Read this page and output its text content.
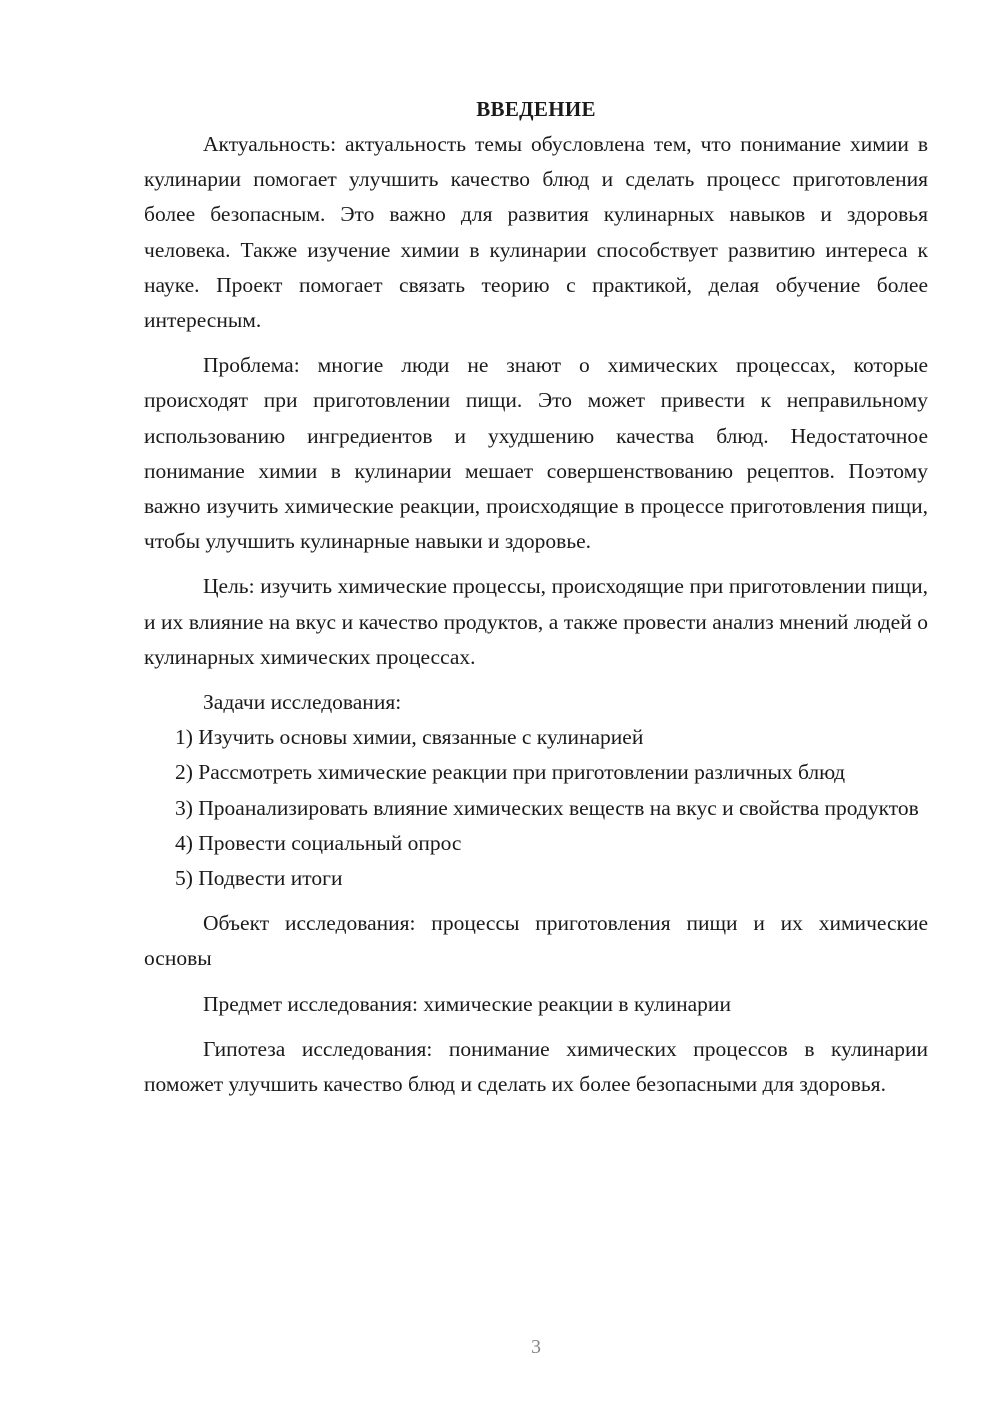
ВВЕДЕНИЕ

Актуальность: актуальность темы обусловлена тем, что понимание химии в кулинарии помогает улучшить качество блюд и сделать процесс приготовления более безопасным. Это важно для развития кулинарных навыков и здоровья человека. Также изучение химии в кулинарии способствует развитию интереса к науке. Проект помогает связать теорию с практикой, делая обучение более интересным.

Проблема: многие люди не знают о химических процессах, которые происходят при приготовлении пищи. Это может привести к неправильному использованию ингредиентов и ухудшению качества блюд. Недостаточное понимание химии в кулинарии мешает совершенствованию рецептов. Поэтому важно изучить химические реакции, происходящие в процессе приготовления пищи, чтобы улучшить кулинарные навыки и здоровье.

Цель: изучить химические процессы, происходящие при приготовлении пищи, и их влияние на вкус и качество продуктов, а также провести анализ мнений людей о кулинарных химических процессах.

Задачи исследования:

1) Изучить основы химии, связанные с кулинарией

2) Рассмотреть химические реакции при приготовлении различных блюд

3) Проанализировать влияние химических веществ на вкус и свойства продуктов

4) Провести социальный опрос

5) Подвести итоги

Объект исследования: процессы приготовления пищи и их химические основы

Предмет исследования: химические реакции в кулинарии

Гипотеза исследования: понимание химических процессов в кулинарии поможет улучшить качество блюд и сделать их более безопасными для здоровья.

3
